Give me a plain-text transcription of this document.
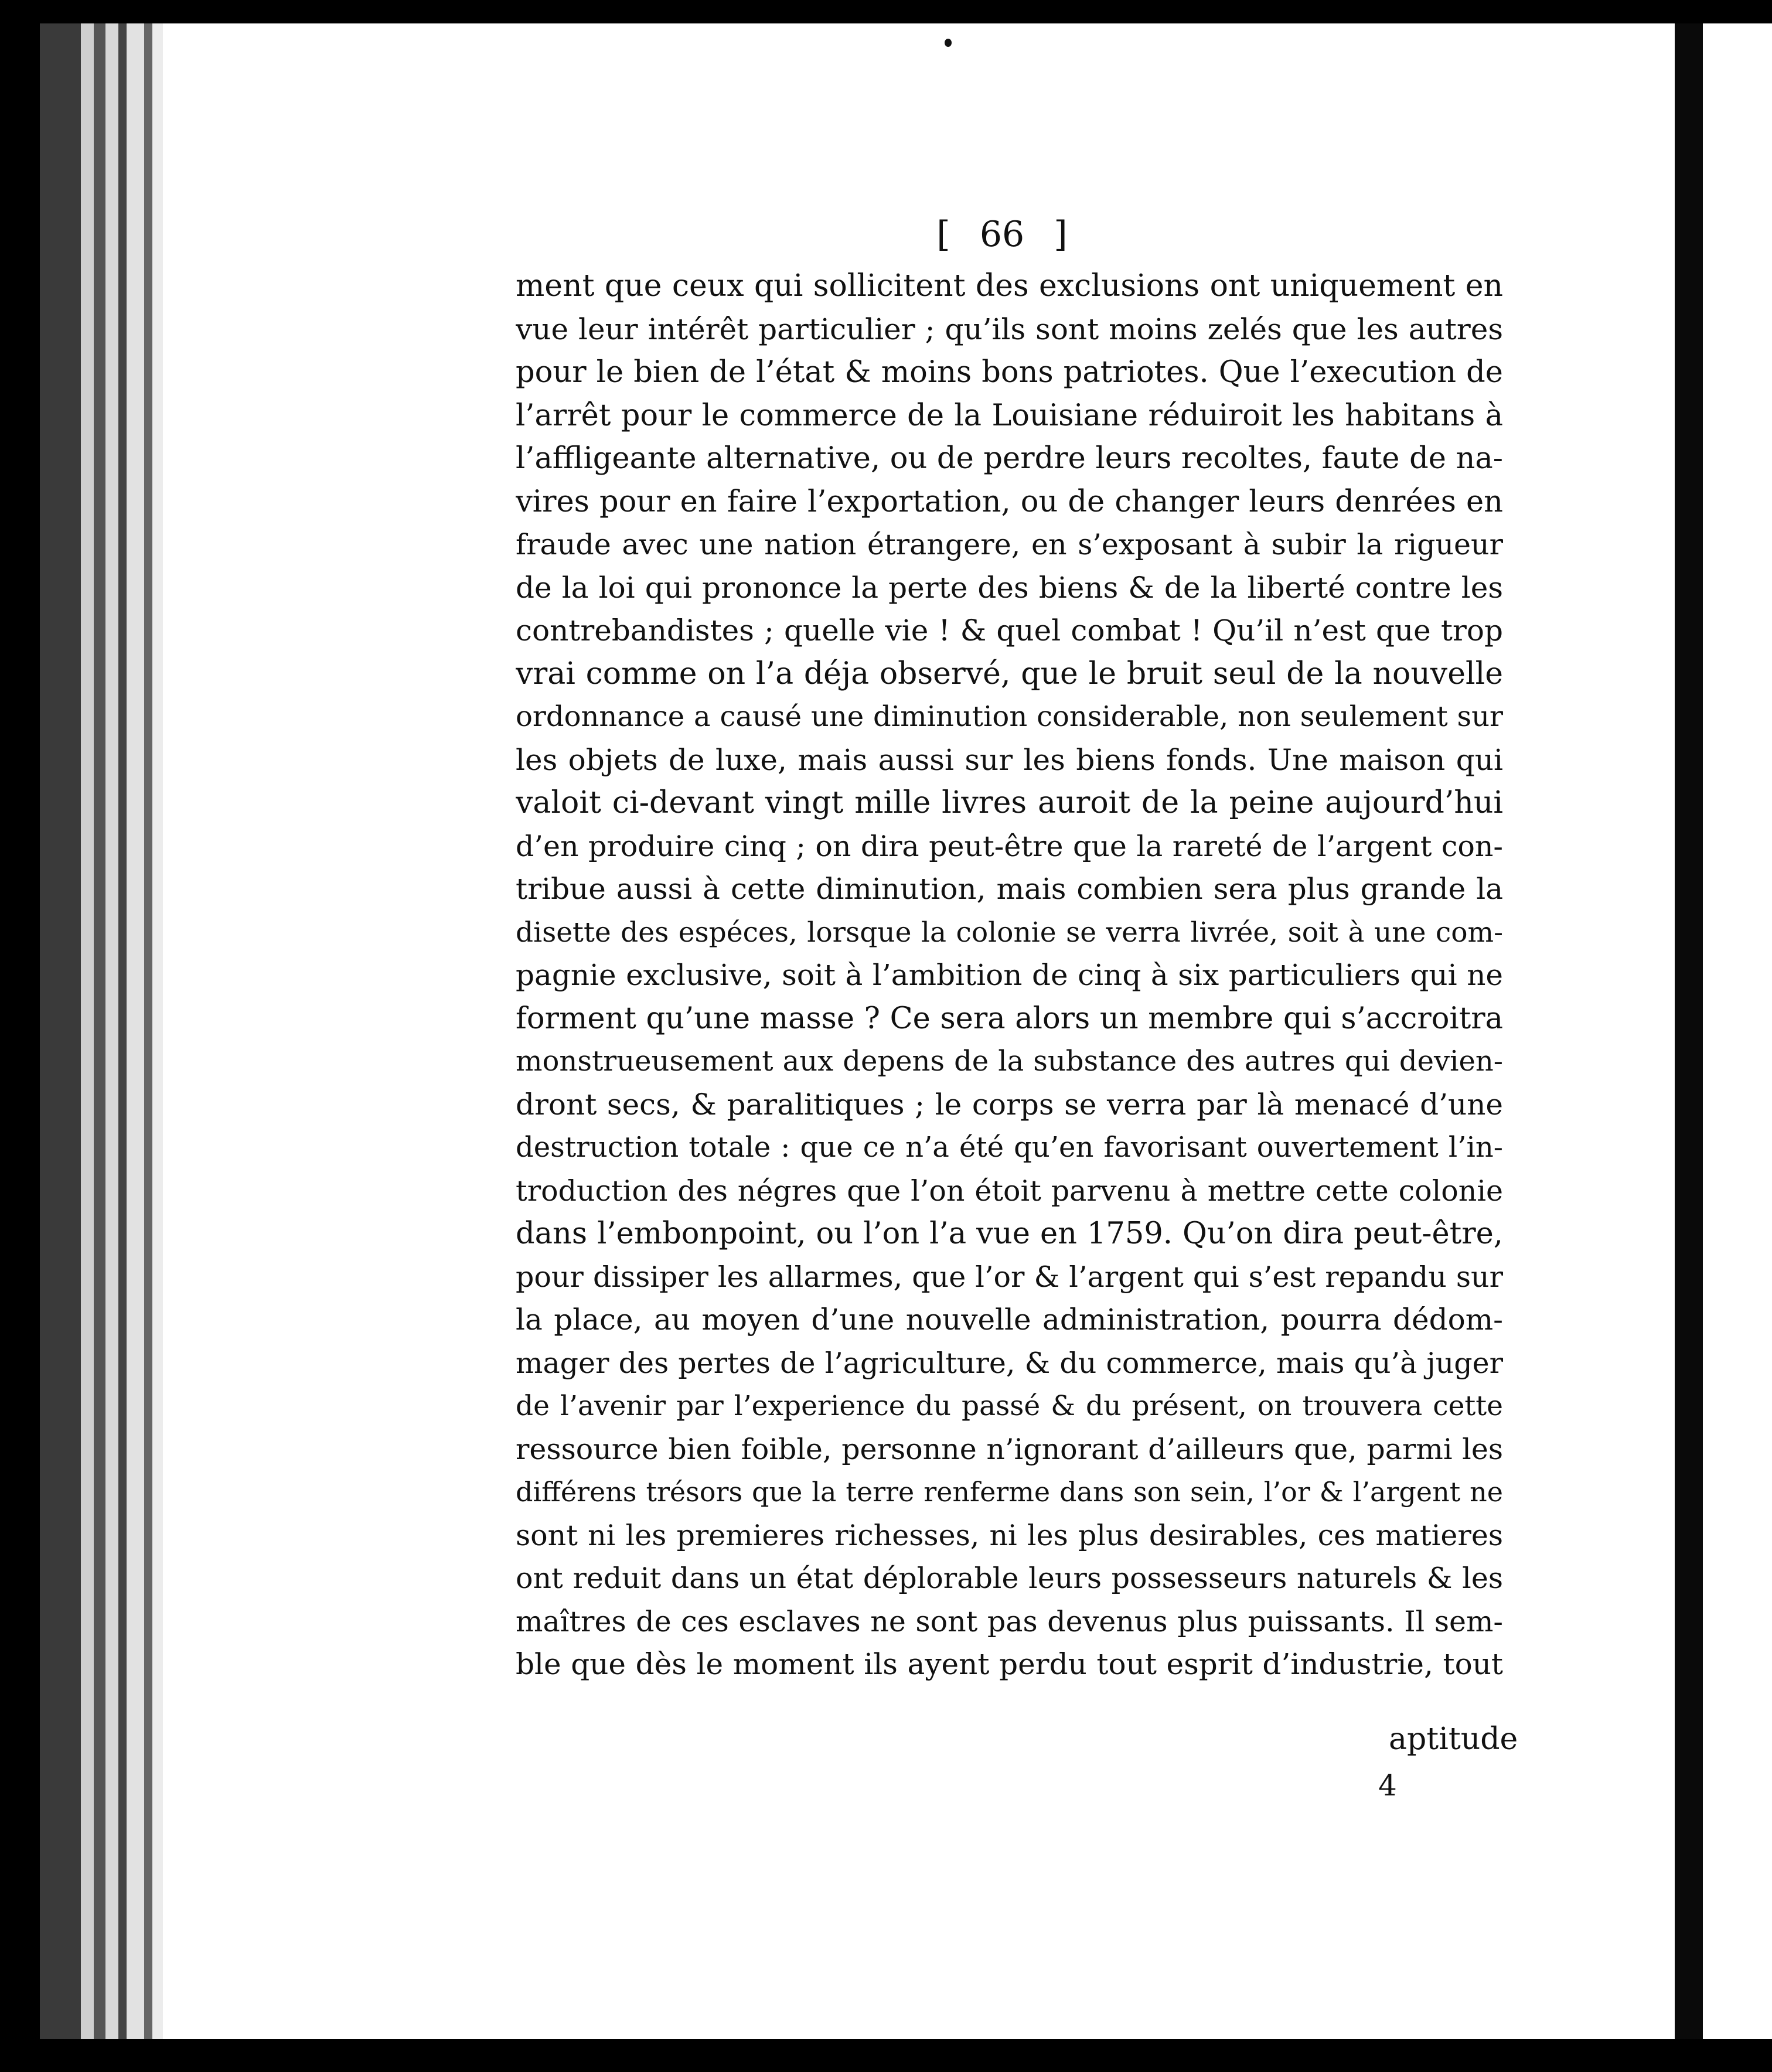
[ 66 ]
ment que ceux qui sollicitent des exclusions ont uniquement en
vue leur intérêt particulier ; qu’ils sont moins zelés que les autres
pour le bien de l’état & moins bons patriotes. Que l’execution de
l’arrêt pour le commerce de la Louisiane réduiroit les habitans à
l’affligeante alternative, ou de perdre leurs recoltes, faute de na-
vires pour en faire l’exportation, ou de changer leurs denrées en
fraude avec une nation étrangere, en s’exposant à subir la rigueur
de la loi qui prononce la perte des biens & de la liberté contre les
contrebandistes ; quelle vie ! & quel combat ! Qu’il n’est que trop
vrai comme on l’a déja observé, que le bruit seul de la nouvelle
ordonnance a causé une diminution considerable, non seulement sur
les objets de luxe, mais aussi sur les biens fonds. Une maison qui
valoit ci-devant vingt mille livres auroit de la peine aujourd’hui
d’en produire cinq ; on dira peut-être que la rareté de l’argent con-
tribue aussi à cette diminution, mais combien sera plus grande la
disette des espéces, lorsque la colonie se verra livrée, soit à une com-
pagnie exclusive, soit à l’ambition de cinq à six particuliers qui ne
forment qu’une masse ? Ce sera alors un membre qui s’accroitra
monstrueusement aux depens de la substance des autres qui devien-
dront secs, & paralitiques ; le corps se verra par là menacé d’une
destruction totale : que ce n’a été qu’en favorisant ouvertement l’in-
troduction des négres que l’on étoit parvenu à mettre cette colonie
dans l’embonpoint, ou l’on l’a vue en 1759. Qu’on dira peut-être,
pour dissiper les allarmes, que l’or & l’argent qui s’est repandu sur
la place, au moyen d’une nouvelle administration, pourra dédom-
mager des pertes de l’agriculture, & du commerce, mais qu’à juger
de l’avenir par l’experience du passé & du présent, on trouvera cette
ressource bien foible, personne n’ignorant d’ailleurs que, parmi les
différens trésors que la terre renferme dans son sein, l’or & l’argent ne
sont ni les premieres richesses, ni les plus desirables, ces matieres
ont reduit dans un état déplorable leurs possesseurs naturels & les
maîtres de ces esclaves ne sont pas devenus plus puissants. Il sem-
ble que dès le moment ils ayent perdu tout esprit d’industrie, tout
aptitude
4
